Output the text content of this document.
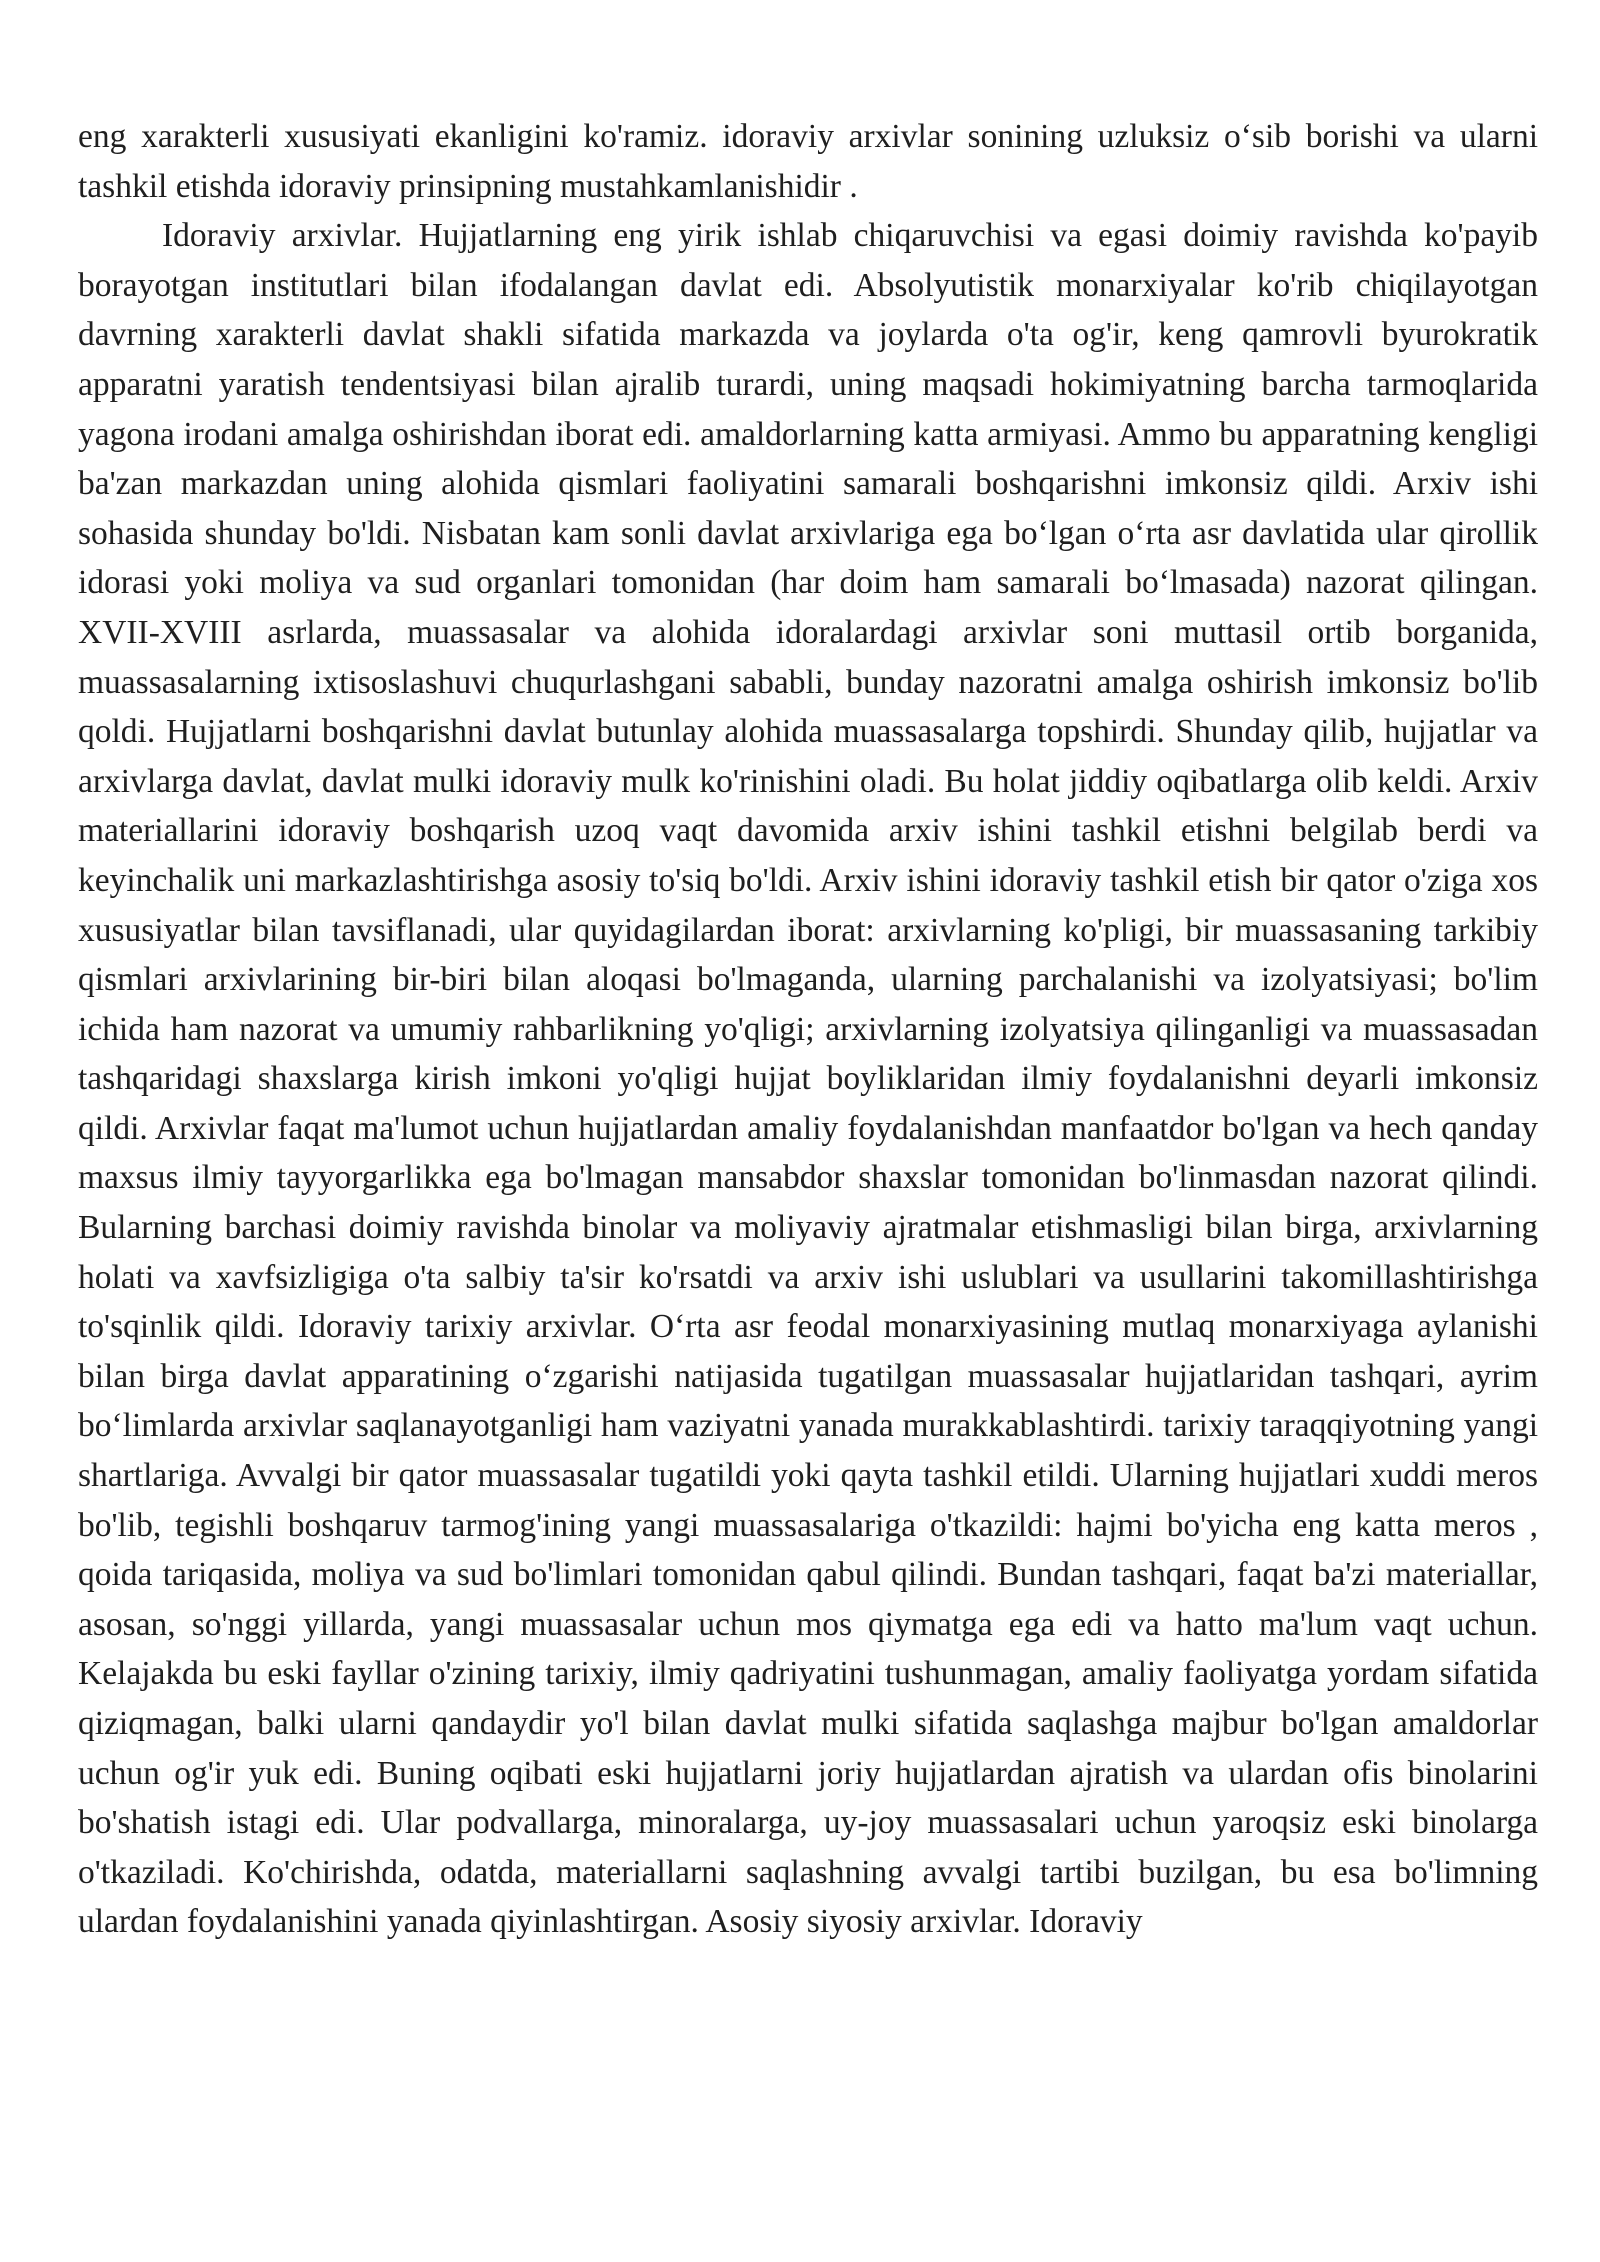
eng xarakterli xususiyati ekanligini ko'ramiz. idoraviy arxivlar sonining uzluksiz o‘sib borishi va ularni tashkil etishda idoraviy prinsipning mustahkamlanishidir .

Idoraviy arxivlar. Hujjatlarning eng yirik ishlab chiqaruvchisi va egasi doimiy ravishda ko'payib borayotgan institutlari bilan ifodalangan davlat edi. Absolyutistik monarxiyalar ko'rib chiqilayotgan davrning xarakterli davlat shakli sifatida markazda va joylarda o'ta og'ir, keng qamrovli byurokratik apparatni yaratish tendentsiyasi bilan ajralib turardi, uning maqsadi hokimiyatning barcha tarmoqlarida yagona irodani amalga oshirishdan iborat edi. amaldorlarning katta armiyasi. Ammo bu apparatning kengligi ba'zan markazdan uning alohida qismlari faoliyatini samarali boshqarishni imkonsiz qildi. Arxiv ishi sohasida shunday bo'ldi. Nisbatan kam sonli davlat arxivlariga ega bo‘lgan o‘rta asr davlatida ular qirollik idorasi yoki moliya va sud organlari tomonidan (har doim ham samarali bo‘lmasada) nazorat qilingan. XVII-XVIII asrlarda, muassasalar va alohida idoralardagi arxivlar soni muttasil ortib borganida, muassasalarning ixtisoslashuvi chuqurlashgani sababli, bunday nazoratni amalga oshirish imkonsiz bo'lib qoldi. Hujjatlarni boshqarishni davlat butunlay alohida muassasalarga topshirdi. Shunday qilib, hujjatlar va arxivlarga davlat, davlat mulki idoraviy mulk ko'rinishini oladi. Bu holat jiddiy oqibatlarga olib keldi. Arxiv materiallarini idoraviy boshqarish uzoq vaqt davomida arxiv ishini tashkil etishni belgilab berdi va keyinchalik uni markazlashtirishga asosiy to'siq bo'ldi. Arxiv ishini idoraviy tashkil etish bir qator o'ziga xos xususiyatlar bilan tavsiflanadi, ular quyidagilardan iborat: arxivlarning ko'pligi, bir muassasaning tarkibiy qismlari arxivlarining bir-biri bilan aloqasi bo'lmaganda, ularning parchalanishi va izolyatsiyasi; bo'lim ichida ham nazorat va umumiy rahbarlikning yo'qligi; arxivlarning izolyatsiya qilinganligi va muassasadan tashqaridagi shaxslarga kirish imkoni yo'qligi hujjat boyliklaridan ilmiy foydalanishni deyarli imkonsiz qildi. Arxivlar faqat ma'lumot uchun hujjatlardan amaliy foydalanishdan manfaatdor bo'lgan va hech qanday maxsus ilmiy tayyorgarlikka ega bo'lmagan mansabdor shaxslar tomonidan bo'linmasdan nazorat qilindi. Bularning barchasi doimiy ravishda binolar va moliyaviy ajratmalar etishmasligi bilan birga, arxivlarning holati va xavfsizligiga o'ta salbiy ta'sir ko'rsatdi va arxiv ishi uslublari va usullarini takomillashtirishga to'sqinlik qildi. Idoraviy tarixiy arxivlar. O‘rta asr feodal monarxiyasining mutlaq monarxiyaga aylanishi bilan birga davlat apparatining o‘zgarishi natijasida tugatilgan muassasalar hujjatlaridan tashqari, ayrim bo‘limlarda arxivlar saqlanayotganligi ham vaziyatni yanada murakkablashtirdi. tarixiy taraqqiyotning yangi shartlariga. Avvalgi bir qator muassasalar tugatildi yoki qayta tashkil etildi. Ularning hujjatlari xuddi meros bo'lib, tegishli boshqaruv tarmog'ining yangi muassasalariga o'tkazildi: hajmi bo'yicha eng katta meros , qoida tariqasida, moliya va sud bo'limlari tomonidan qabul qilindi. Bundan tashqari, faqat ba'zi materiallar, asosan, so'nggi yillarda, yangi muassasalar uchun mos qiymatga ega edi va hatto ma'lum vaqt uchun. Kelajakda bu eski fayllar o'zining tarixiy, ilmiy qadriyatini tushunmagan, amaliy faoliyatga yordam sifatida qiziqmagan, balki ularni qandaydir yo'l bilan davlat mulki sifatida saqlashga majbur bo'lgan amaldorlar uchun og'ir yuk edi. Buning oqibati eski hujjatlarni joriy hujjatlardan ajratish va ulardan ofis binolarini bo'shatish istagi edi. Ular podvallarga, minoralarga, uy-joy muassasalari uchun yaroqsiz eski binolarga o'tkaziladi. Ko'chirishda, odatda, materiallarni saqlashning avvalgi tartibi buzilgan, bu esa bo'limning ulardan foydalanishini yanada qiyinlashtirgan. Asosiy siyosiy arxivlar. Idoraviy
